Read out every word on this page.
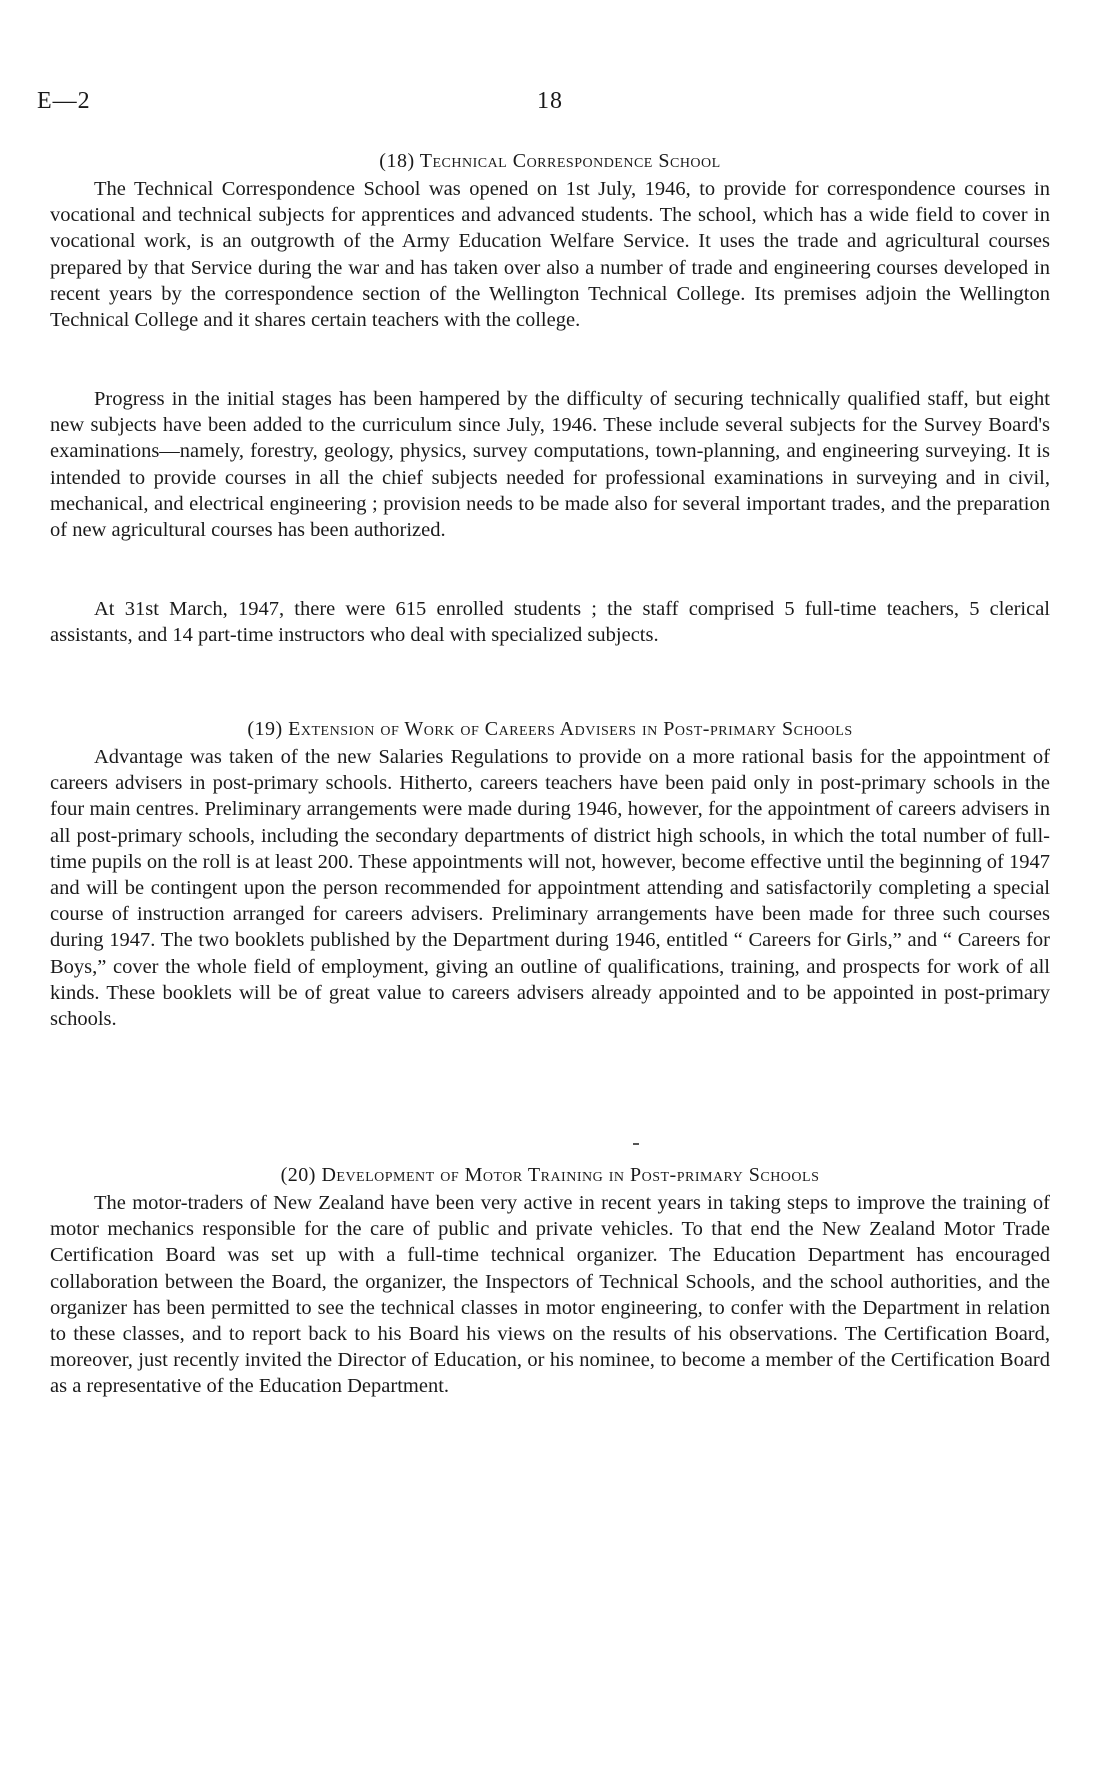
E—2	18
(18) Technical Correspondence School

The Technical Correspondence School was opened on 1st July, 1946, to provide for correspondence courses in vocational and technical subjects for apprentices and advanced students. The school, which has a wide field to cover in vocational work, is an outgrowth of the Army Education Welfare Service. It uses the trade and agricultural courses prepared by that Service during the war and has taken over also a number of trade and engineering courses developed in recent years by the correspondence section of the Wellington Technical College. Its premises adjoin the Wellington Technical College and it shares certain teachers with the college.

Progress in the initial stages has been hampered by the difficulty of securing technically qualified staff, but eight new subjects have been added to the curriculum since July, 1946. These include several subjects for the Survey Board's examinations—namely, forestry, geology, physics, survey computations, town-planning, and engineering surveying. It is intended to provide courses in all the chief subjects needed for professional examinations in surveying and in civil, mechanical, and electrical engineering ; provision needs to be made also for several important trades, and the preparation of new agricultural courses has been authorized.

At 31st March, 1947, there were 615 enrolled students ; the staff comprised 5 full-time teachers, 5 clerical assistants, and 14 part-time instructors who deal with specialized subjects.

(19) Extension of Work of Careers Advisers in Post-primary Schools

Advantage was taken of the new Salaries Regulations to provide on a more rational basis for the appointment of careers advisers in post-primary schools. Hitherto, careers teachers have been paid only in post-primary schools in the four main centres. Preliminary arrangements were made during 1946, however, for the appointment of careers advisers in all post-primary schools, including the secondary departments of district high schools, in which the total number of full-time pupils on the roll is at least 200. These appointments will not, however, become effective until the beginning of 1947 and will be contingent upon the person recommended for appointment attending and satisfactorily completing a special course of instruction arranged for careers advisers. Preliminary arrangements have been made for three such courses during 1947. The two booklets published by the Department during 1946, entitled “ Careers for Girls,” and “ Careers for Boys,” cover the whole field of employment, giving an outline of qualifications, training, and prospects for work of all kinds. These booklets will be of great value to careers advisers already appointed and to be appointed in post-primary schools.

(20) Development of Motor Training in Post-primary Schools

The motor-traders of New Zealand have been very active in recent years in taking steps to improve the training of motor mechanics responsible for the care of public and private vehicles. To that end the New Zealand Motor Trade Certification Board was set up with a full-time technical organizer. The Education Department has encouraged collaboration between the Board, the organizer, the Inspectors of Technical Schools, and the school authorities, and the organizer has been permitted to see the technical classes in motor engineering, to confer with the Department in relation to these classes, and to report back to his Board his views on the results of his observations. The Certification Board, moreover, just recently invited the Director of Education, or his nominee, to become a member of the Certification Board as a representative of the Education Department.
